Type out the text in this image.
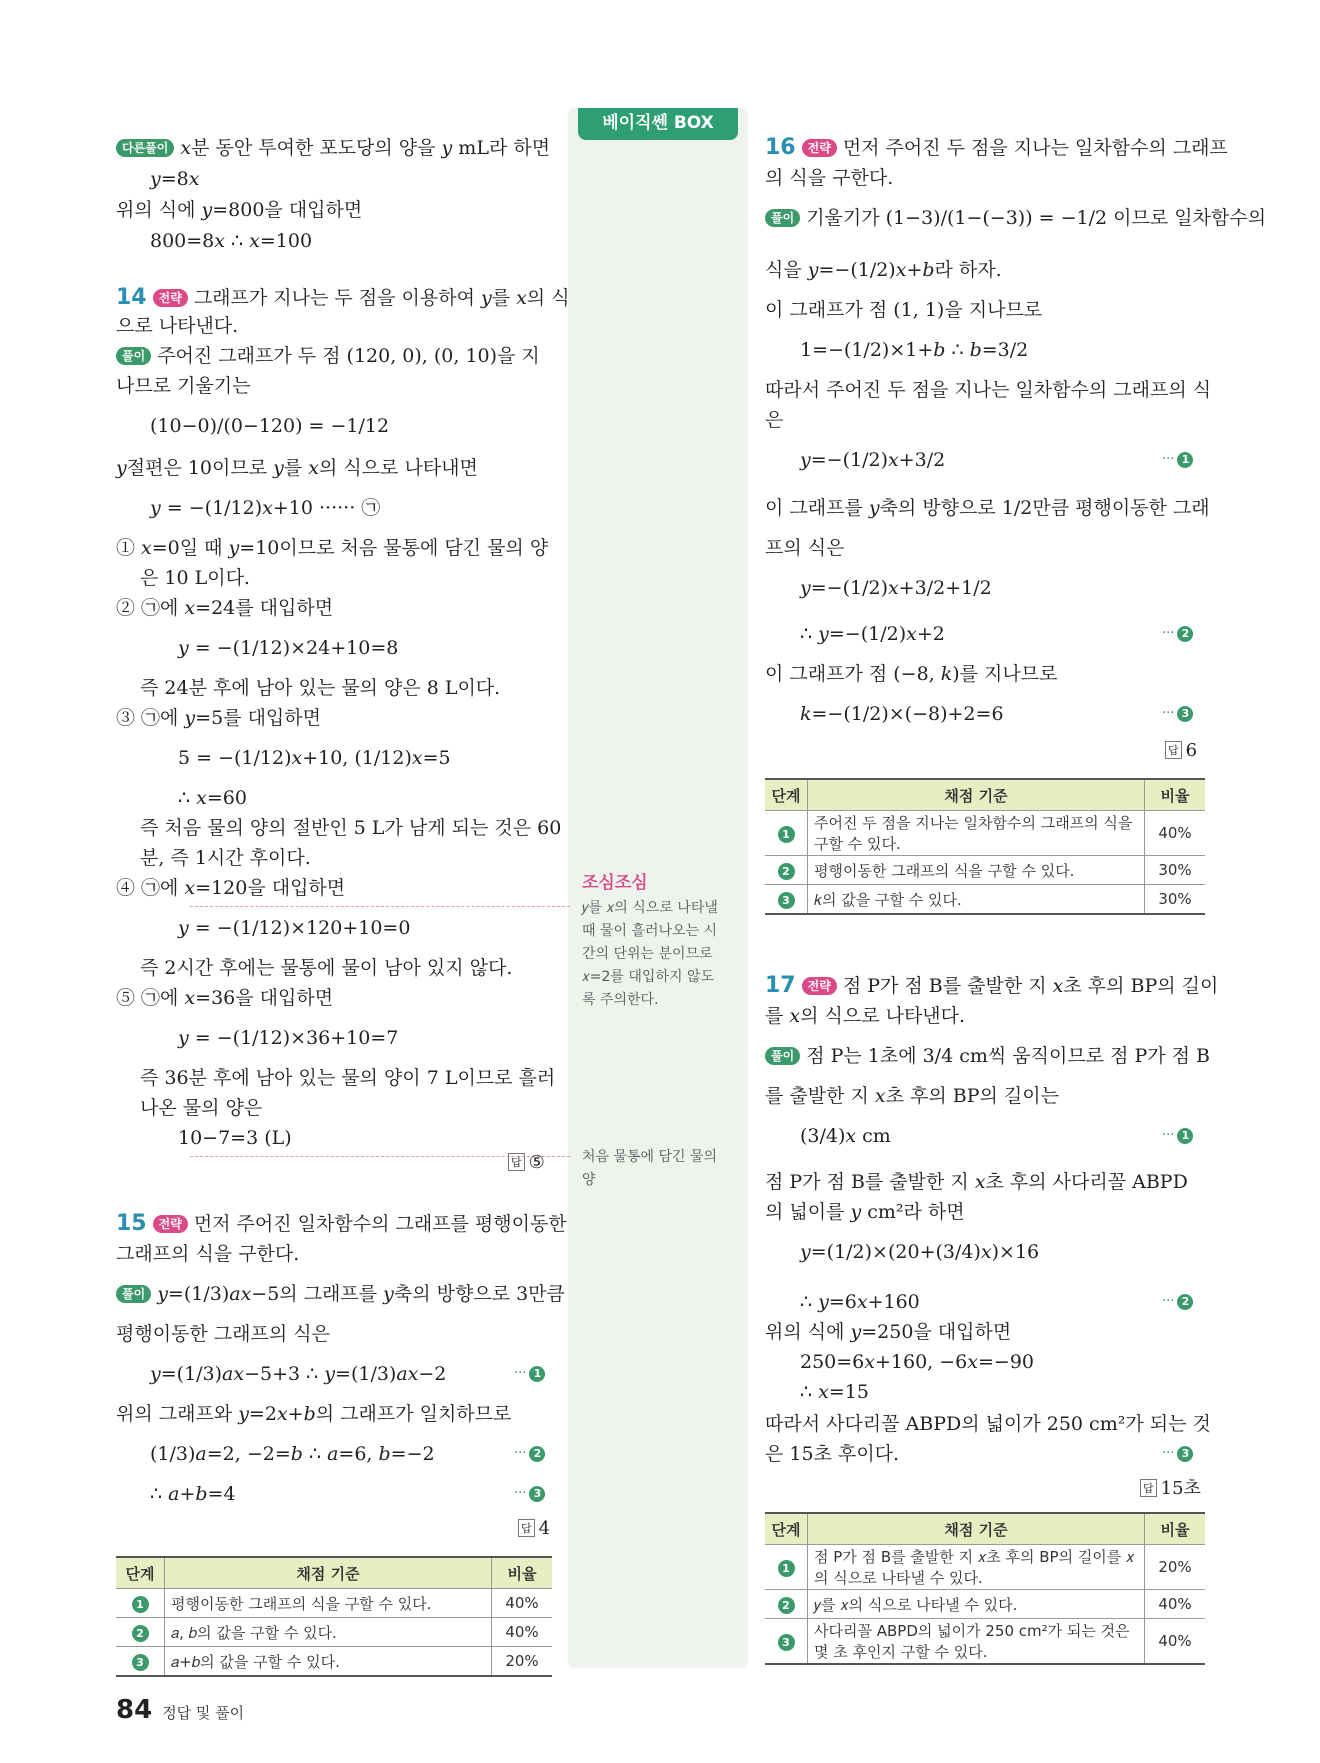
베이직쎈 BOX
조심조심
𝑦를 𝑥의 식으로 나타낼
때 물이 흘러나오는 시
간의 단위는 분이므로
𝑥=2를 대입하지 않도
록 주의한다.
처음 물통에 담긴 물의
양
다른풀이 𝑥분 동안 투여한 포도당의 양을 𝑦 mL라 하면
𝑦=8𝑥
위의 식에 𝑦=800을 대입하면
800=8𝑥 ∴ 𝑥=100
14 전략 그래프가 지나는 두 점을 이용하여 𝑦를 𝑥의 식
으로 나타낸다.
풀이 주어진 그래프가 두 점 (120, 0), (0, 10)을 지
나므로 기울기는
(10−0)/(0−120) = −1/12
𝑦절편은 10이므로 𝑦를 𝑥의 식으로 나타내면
𝑦 = −(1/12)𝑥+10 ······ ㉠
① 𝑥=0일 때 𝑦=10이므로 처음 물통에 담긴 물의 양
은 10 L이다.
② ㉠에 𝑥=24를 대입하면
𝑦 = −(1/12)×24+10=8
즉 24분 후에 남아 있는 물의 양은 8 L이다.
③ ㉠에 𝑦=5를 대입하면
5 = −(1/12)𝑥+10, (1/12)𝑥=5
∴ 𝑥=60
즉 처음 물의 양의 절반인 5 L가 남게 되는 것은 60
분, 즉 1시간 후이다.
④ ㉠에 𝑥=120을 대입하면
𝑦 = −(1/12)×120+10=0
즉 2시간 후에는 물통에 물이 남아 있지 않다.
⑤ ㉠에 𝑥=36을 대입하면
𝑦 = −(1/12)×36+10=7
즉 36분 후에 남아 있는 물의 양이 7 L이므로 흘러
나온 물의 양은
10−7=3 (L)
답 ⑤
15 전략 먼저 주어진 일차함수의 그래프를 평행이동한
그래프의 식을 구한다.
풀이 𝑦=(1/3)𝑎𝑥−5의 그래프를 𝑦축의 방향으로 3만큼
평행이동한 그래프의 식은
𝑦=(1/3)𝑎𝑥−5+3 ∴ 𝑦=(1/3)𝑎𝑥−2	··· 1
위의 그래프와 𝑦=2𝑥+𝑏의 그래프가 일치하므로
(1/3)𝑎=2, −2=𝑏 ∴ 𝑎=6, 𝑏=−2	··· 2
∴ 𝑎+𝑏=4	··· 3
답 4
단계	채점 기준	비율
1	평행이동한 그래프의 식을 구할 수 있다.	40%
2	𝑎, 𝑏의 값을 구할 수 있다.	40%
3	𝑎+𝑏의 값을 구할 수 있다.	20%
16 전략 먼저 주어진 두 점을 지나는 일차함수의 그래프
의 식을 구한다.
풀이 기울기가 (1−3)/(1−(−3)) = −1/2 이므로 일차함수의
식을 𝑦=−(1/2)𝑥+𝑏라 하자.
이 그래프가 점 (1, 1)을 지나므로
1=−(1/2)×1+𝑏 ∴ 𝑏=3/2
따라서 주어진 두 점을 지나는 일차함수의 그래프의 식
은
𝑦=−(1/2)𝑥+3/2	··· 1
이 그래프를 𝑦축의 방향으로 1/2만큼 평행이동한 그래
프의 식은
𝑦=−(1/2)𝑥+3/2+1/2
∴ 𝑦=−(1/2)𝑥+2	··· 2
이 그래프가 점 (−8, 𝑘)를 지나므로
𝑘=−(1/2)×(−8)+2=6	··· 3
답 6
단계	채점 기준	비율
1	주어진 두 점을 지나는 일차함수의 그래프의 식을 구할 수 있다.	40%
2	평행이동한 그래프의 식을 구할 수 있다.	30%
3	𝑘의 값을 구할 수 있다.	30%
17 전략 점 P가 점 B를 출발한 지 𝑥초 후의 BP의 길이
를 𝑥의 식으로 나타낸다.
풀이 점 P는 1초에 3/4 cm씩 움직이므로 점 P가 점 B
를 출발한 지 𝑥초 후의 BP의 길이는
(3/4)𝑥 cm	··· 1
점 P가 점 B를 출발한 지 𝑥초 후의 사다리꼴 ABPD
의 넓이를 𝑦 cm²라 하면
𝑦=(1/2)×(20+(3/4)𝑥)×16
∴ 𝑦=6𝑥+160	··· 2
위의 식에 𝑦=250을 대입하면
250=6𝑥+160, −6𝑥=−90
∴ 𝑥=15
따라서 사다리꼴 ABPD의 넓이가 250 cm²가 되는 것
은 15초 후이다.	··· 3
답 15초
단계	채점 기준	비율
1	점 P가 점 B를 출발한 지 𝑥초 후의 BP의 길이를 𝑥의 식으로 나타낼 수 있다.	20%
2	𝑦를 𝑥의 식으로 나타낼 수 있다.	40%
3	사다리꼴 ABPD의 넓이가 250 cm²가 되는 것은 몇 초 후인지 구할 수 있다.	40%
84 정답 및 풀이
